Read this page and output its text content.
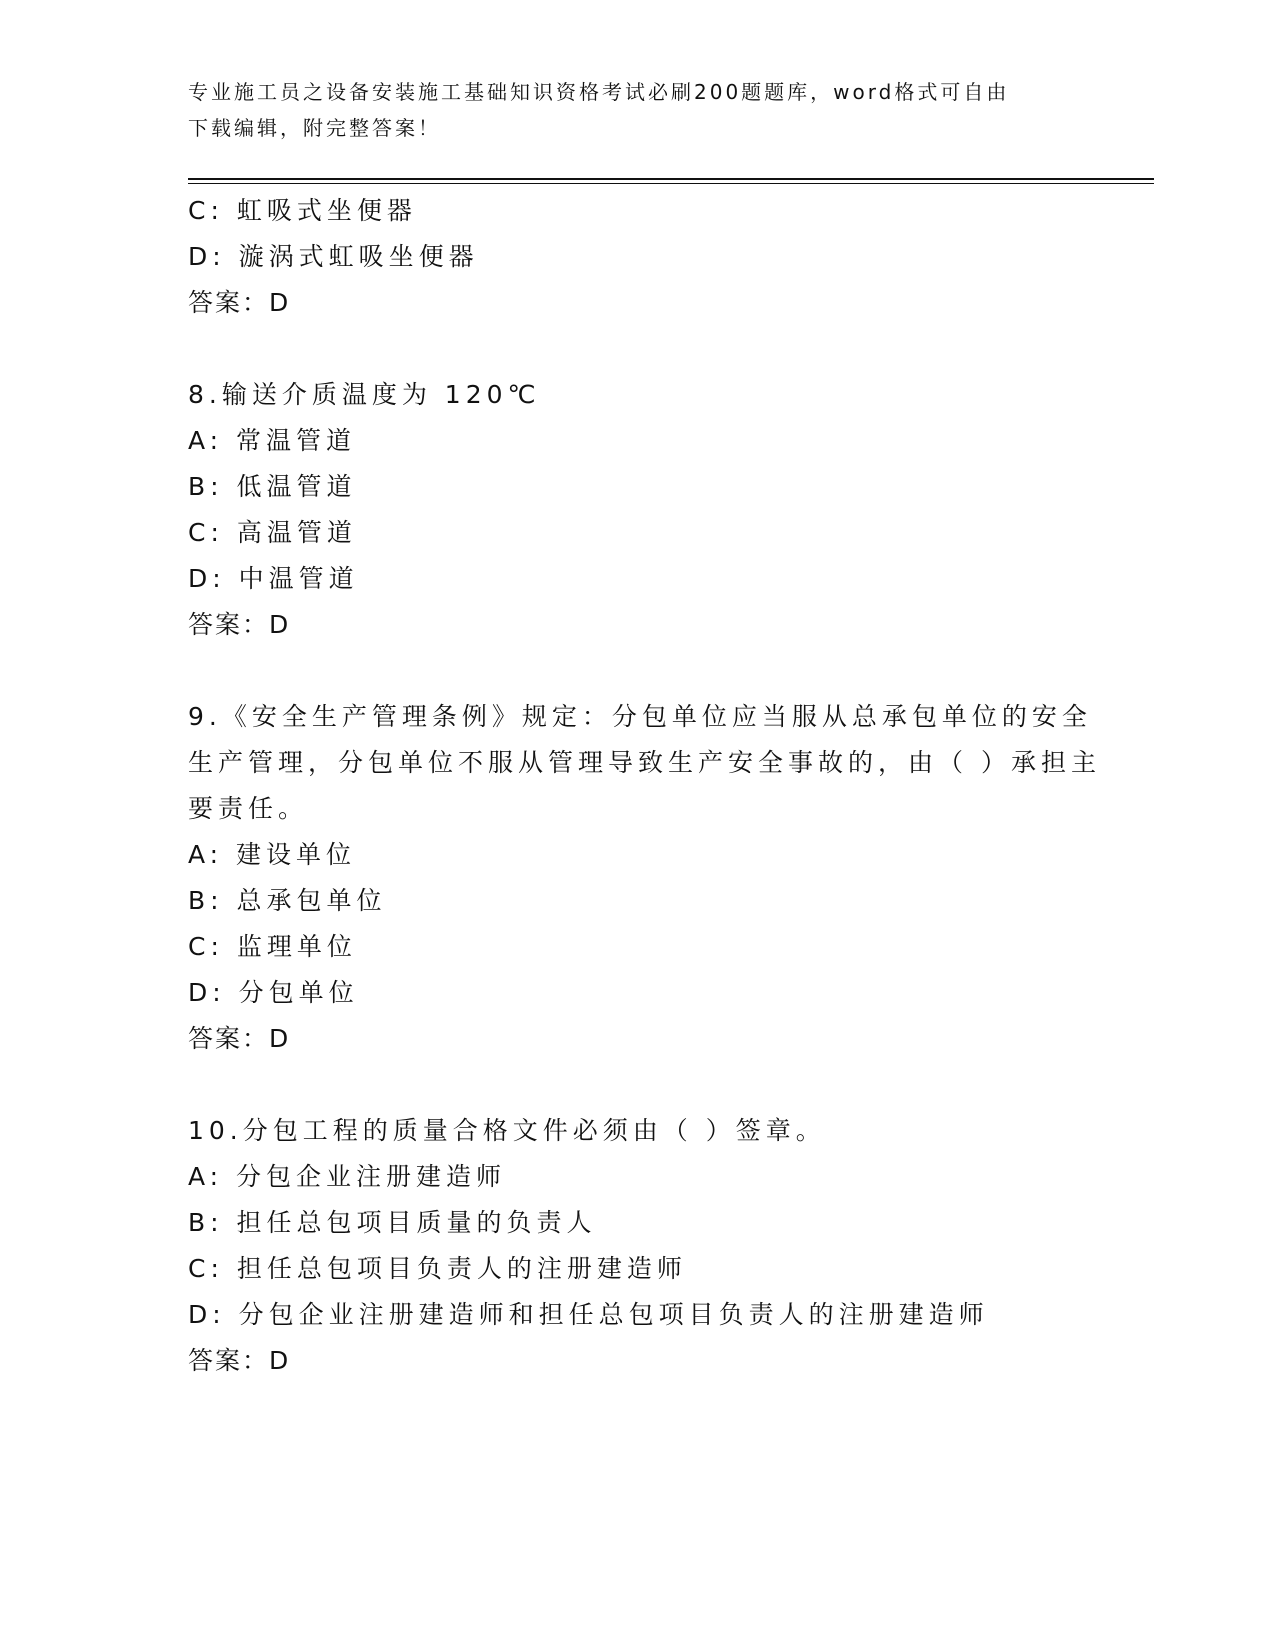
专业施工员之设备安装施工基础知识资格考试必刷200题题库，word格式可自由
下载编辑，附完整答案！
C: 虹吸式坐便器
D: 漩涡式虹吸坐便器
答案：D
8.输送介质温度为 120℃
A: 常温管道
B: 低温管道
C: 高温管道
D: 中温管道
答案：D
9.《安全生产管理条例》规定：分包单位应当服从总承包单位的安全
生产管理，分包单位不服从管理导致生产安全事故的，由（ ）承担主
要责任。
A: 建设单位
B: 总承包单位
C: 监理单位
D: 分包单位
答案：D
10.分包工程的质量合格文件必须由（ ）签章。
A: 分包企业注册建造师
B: 担任总包项目质量的负责人
C: 担任总包项目负责人的注册建造师
D: 分包企业注册建造师和担任总包项目负责人的注册建造师
答案：D
